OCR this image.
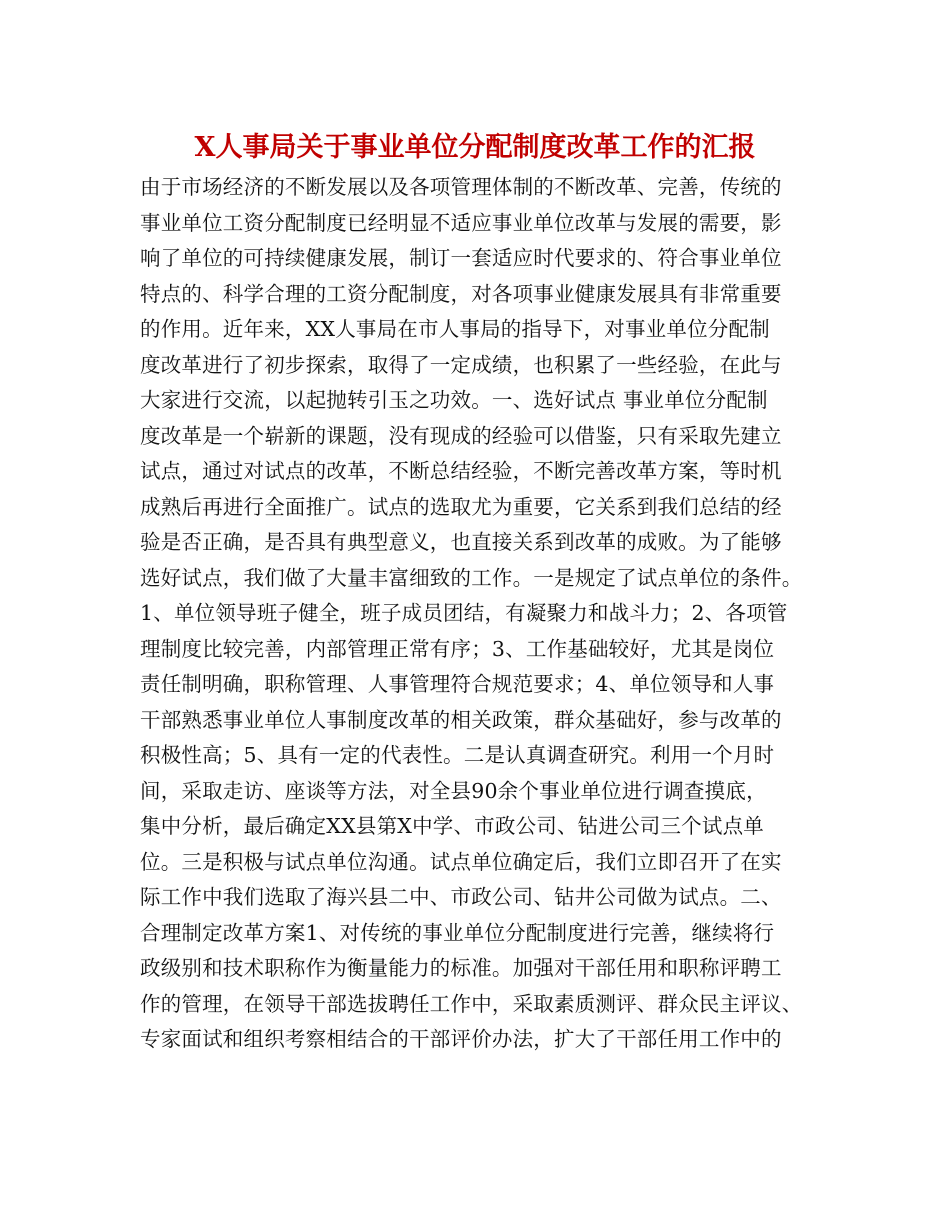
X人事局关于事业单位分配制度改革工作的汇报
由于市场经济的不断发展以及各项管理体制的不断改革、完善，传统的
事业单位工资分配制度已经明显不适应事业单位改革与发展的需要，影
响了单位的可持续健康发展，制订一套适应时代要求的、符合事业单位
特点的、科学合理的工资分配制度，对各项事业健康发展具有非常重要
的作用。近年来，XX人事局在市人事局的指导下，对事业单位分配制
度改革进行了初步探索，取得了一定成绩，也积累了一些经验，在此与
大家进行交流，以起抛转引玉之功效。一、选好试点 事业单位分配制
度改革是一个崭新的课题，没有现成的经验可以借鉴，只有采取先建立
试点，通过对试点的改革，不断总结经验，不断完善改革方案，等时机
成熟后再进行全面推广。试点的选取尤为重要，它关系到我们总结的经
验是否正确，是否具有典型意义，也直接关系到改革的成败。为了能够
选好试点，我们做了大量丰富细致的工作。一是规定了试点单位的条件。
1、单位领导班子健全，班子成员团结，有凝聚力和战斗力；2、各项管
理制度比较完善，内部管理正常有序；3、工作基础较好，尤其是岗位
责任制明确，职称管理、人事管理符合规范要求；4、单位领导和人事
干部熟悉事业单位人事制度改革的相关政策，群众基础好，参与改革的
积极性高；5、具有一定的代表性。二是认真调查研究。利用一个月时
间，采取走访、座谈等方法，对全县90余个事业单位进行调查摸底，
集中分析，最后确定XX县第X中学、市政公司、钻进公司三个试点单
位。三是积极与试点单位沟通。试点单位确定后，我们立即召开了在实
际工作中我们选取了海兴县二中、市政公司、钻井公司做为试点。二、
合理制定改革方案1、对传统的事业单位分配制度进行完善，继续将行
政级别和技术职称作为衡量能力的标准。加强对干部任用和职称评聘工
作的管理，在领导干部选拔聘任工作中，采取素质测评、群众民主评议、
专家面试和组织考察相结合的干部评价办法，扩大了干部任用工作中的
